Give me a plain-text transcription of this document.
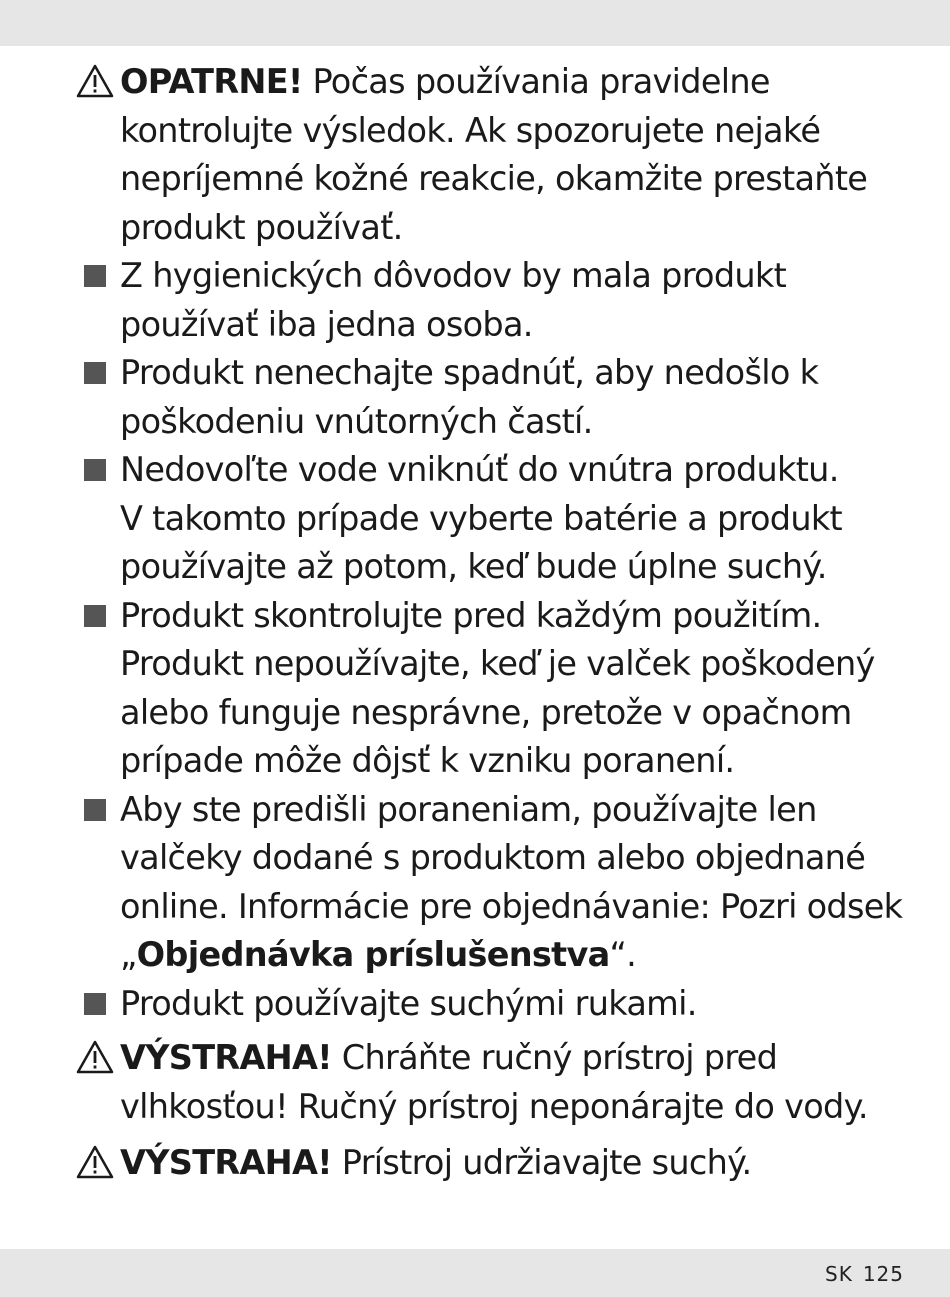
OPATRNE! Počas používania pravidelne
kontrolujte výsledok. Ak spozorujete nejaké
nepríjemné kožné reakcie, okamžite prestaňte
produkt používať.
Z hygienických dôvodov by mala produkt
používať iba jedna osoba.
Produkt nenechajte spadnúť, aby nedošlo k
poškodeniu vnútorných častí.
Nedovoľte vode vniknúť do vnútra produktu.
V takomto prípade vyberte batérie a produkt
používajte až potom, keď bude úplne suchý.
Produkt skontrolujte pred každým použitím.
Produkt nepoužívajte, keď je valček poškodený
alebo funguje nesprávne, pretože v opačnom
prípade môže dôjsť k vzniku poranení.
Aby ste predišli poraneniam, používajte len
valčeky dodané s produktom alebo objednané
online. Informácie pre objednávanie: Pozri odsek
„Objednávka príslušenstva“.
Produkt používajte suchými rukami.
VÝSTRAHA! Chráňte ručný prístroj pred
vlhkosťou! Ručný prístroj neponárajte do vody.
VÝSTRAHA! Prístroj udržiavajte suchý.
SK 125
